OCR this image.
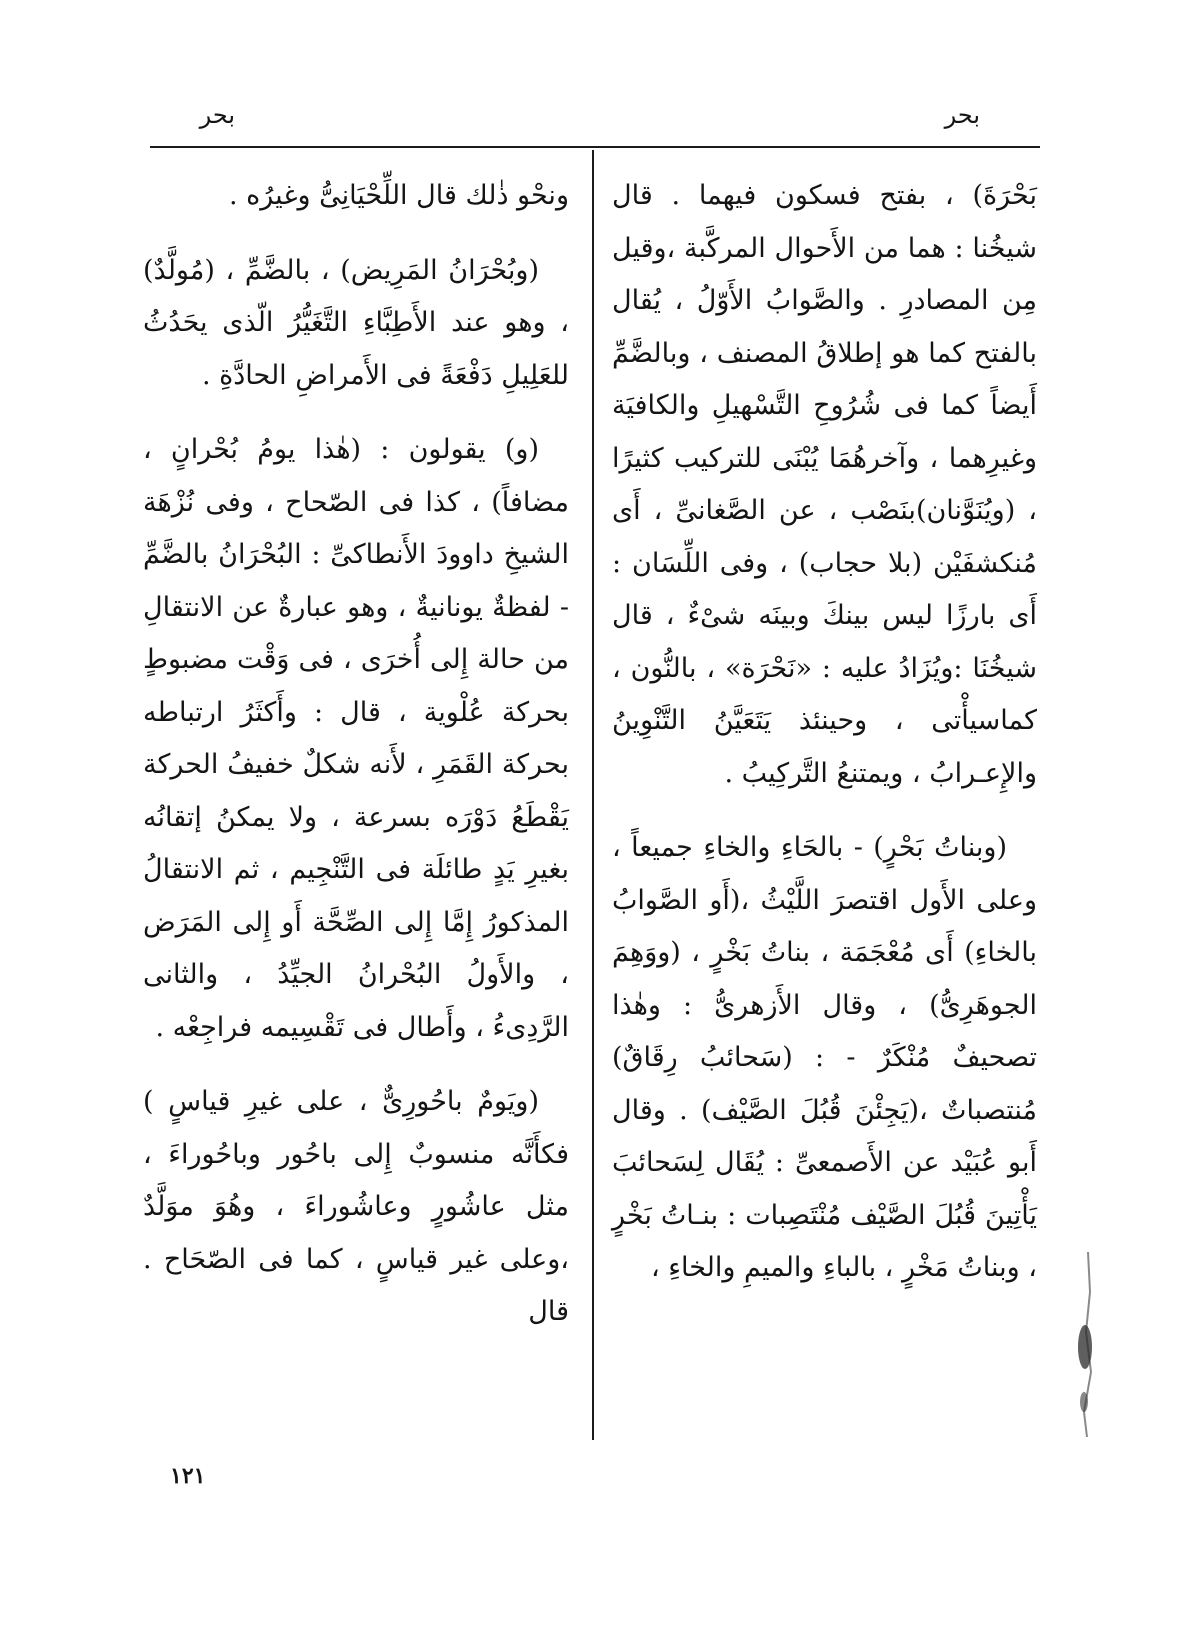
بحر
بحر

بَحْرَةَ) ، بفتح فسكون فيهما . قال شيخُنا : هما من الأَحوال المركَّبة ،وقيل مِن المصادرِ . والصَّوابُ الأَوّلُ ، يُقال بالفتح كما هو إطلاقُ المصنف ، وبالضَّمِّ أَيضاً كما فى شُرُوحِ التَّسْهيلِ والكافيَة وغيرِهما ، وآخرهُمَا يُبْنَى للتركيب كثيرًا ، (ويُنَوَّنان)بنَصْب ، عن الصَّغانىِّ ، أَى مُنكشفَيْن (بلا حجاب) ، وفى اللِّسَان : أَى بارزًا ليس بينكَ وبينَه شىْءٌ ، قال شيخُنَا :ويُزَادُ عليه : «نَحْرَة» ، بالنُّون ، كماسيأْتى ، وحينئذ يَتَعَيَّنُ التَّنْوِينُ والإِعـرابُ ، ويمتنعُ التَّركِيبُ .

(وبناتُ بَحْرٍ) - بالحَاءِ والخاءِ جميعاً ، وعلى الأَول اقتصرَ اللَّيْثُ ،(أَو الصَّوابُ بالخاءِ) أَى مُعْجَمَة ، بناتُ بَخْرٍ ، (ووَهِمَ الجوهَرِىُّ) ، وقال الأَزهرىُّ : وهٰذا تصحيفٌ مُنْكَرٌ - : (سَحائبُ رِقَاقٌ) مُنتصباتٌ ،(يَجِئْنَ قُبُلَ الصَّيْف) . وقال أَبو عُبَيْد عن الأَصمعىِّ : يُقَال لِسَحائبَ يَأْتِينَ قُبُلَ الصَّيْف مُنْتَصِبات : بنـاتُ بَخْرٍ ، وبناتُ مَخْرٍ ، بالباءِ والميمِ والخاءِ ،

ونحْو ذٰلك قال اللِّحْيَانِىُّ وغيرُه .

(وبُحْرَانُ المَرِيض) ، بالضَّمِّ ، (مُولَّدٌ) ، وهو عند الأَطِبَّاءِ التَّغَيُّرُ الّذى يحَدُثُ للعَلِيلِ دَفْعَةً فى الأَمراضِ الحادَّةِ .

(و) يقولون : (هٰذا يومُ بُحْرانٍ ، مضافاً) ، كذا فى الصّحاح ، وفى نُزْهَة الشيخِ داوودَ الأَنطاكىِّ : البُحْرَانُ بالضَّمِّ - لفظةٌ يونانيةٌ ، وهو عبارةٌ عن الانتقالِ من حالة إِلى أُخرَى ، فى وَقْت مضبوطٍ بحركة عُلْوية ، قال : وأَكثَرُ ارتباطه بحركة القَمَرِ ، لأَنه شكلٌ خفيفُ الحركة يَقْطَعُ دَوْرَه بسرعة ، ولا يمكنُ إتقانُه بغيرِ يَدٍ طائلَة فى التَّنْجِيم ، ثم الانتقالُ المذكورُ إِمَّا إِلى الصِّحَّة أَو إِلى المَرَض ، والأَولُ البُحْرانُ الجيِّدُ ، والثانى الرَّدِىءُ ، وأَطال فى تَقْسِيمه فراجِعْه .

(ويَومٌ باحُورِىٌّ ، على غيرِ قياسٍ ) فكأَنَّه منسوبٌ إِلى باحُور وباحُوراءَ ، مثل عاشُورٍ وعاشُوراءَ ، وهُوَ موَلَّدٌ ،وعلى غير قياسٍ ، كما فى الصّحَاح . قال

١٢١
